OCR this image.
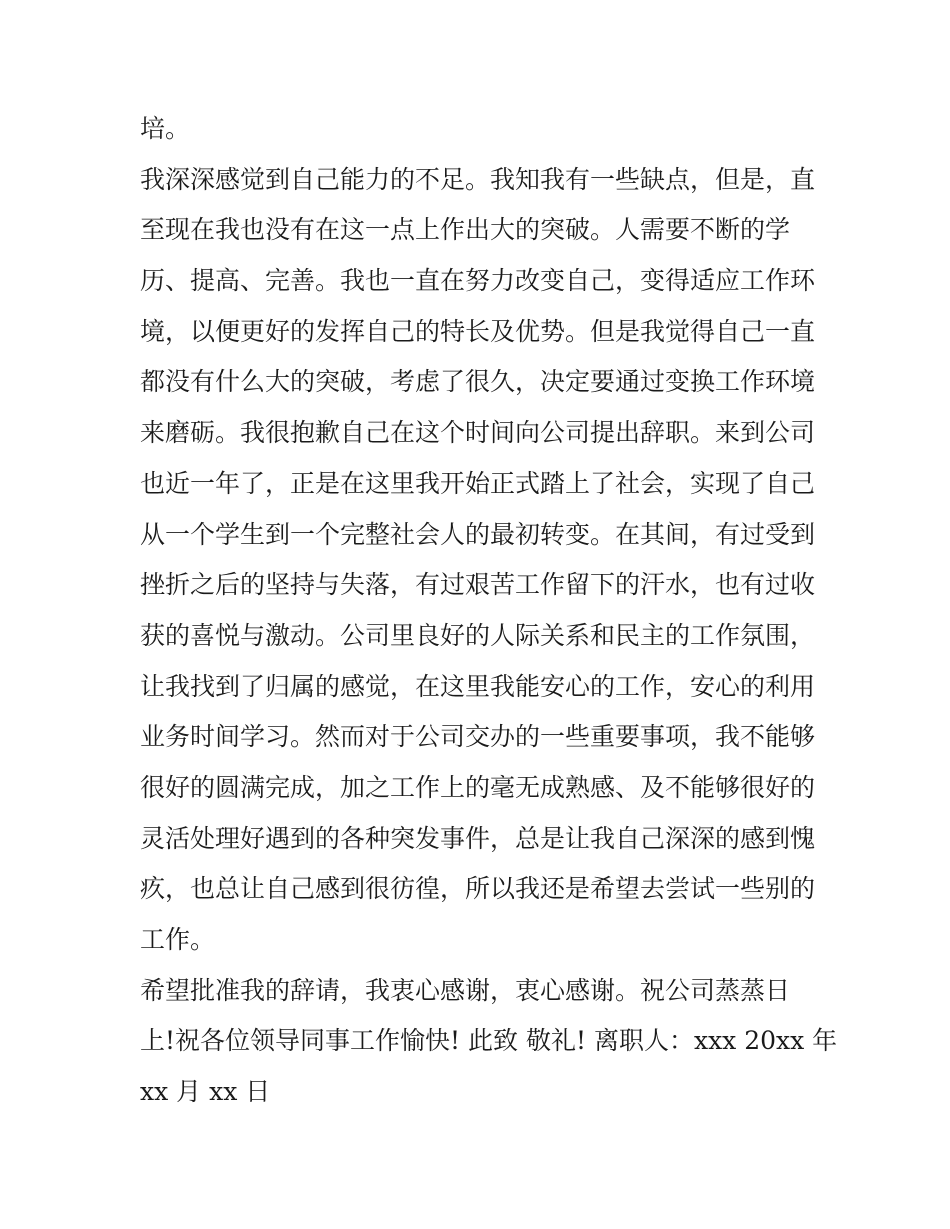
培。
我深深感觉到自己能力的不足。我知我有一些缺点，但是，直
至现在我也没有在这一点上作出大的突破。人需要不断的学
历、提高、完善。我也一直在努力改变自己，变得适应工作环
境，以便更好的发挥自己的特长及优势。但是我觉得自己一直
都没有什么大的突破，考虑了很久，决定要通过变换工作环境
来磨砺。我很抱歉自己在这个时间向公司提出辞职。来到公司
也近一年了，正是在这里我开始正式踏上了社会，实现了自己
从一个学生到一个完整社会人的最初转变。在其间，有过受到
挫折之后的坚持与失落，有过艰苦工作留下的汗水，也有过收
获的喜悦与激动。公司里良好的人际关系和民主的工作氛围，
让我找到了归属的感觉，在这里我能安心的工作，安心的利用
业务时间学习。然而对于公司交办的一些重要事项，我不能够
很好的圆满完成，加之工作上的毫无成熟感、及不能够很好的
灵活处理好遇到的各种突发事件，总是让我自己深深的感到愧
疚，也总让自己感到很彷徨，所以我还是希望去尝试一些别的
工作。
希望批准我的辞请，我衷心感谢，衷心感谢。祝公司蒸蒸日
上!祝各位领导同事工作愉快! 此致 敬礼! 离职人：xxx 20xx 年
xx 月 xx 日
